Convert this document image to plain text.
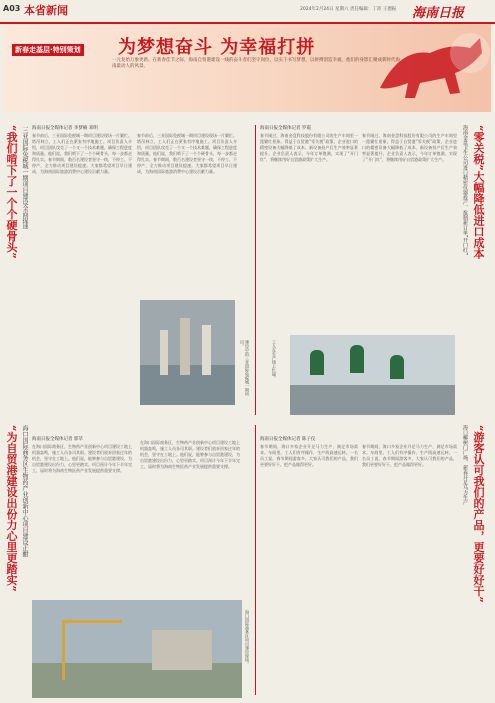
A03 本省新闻	2024年2月24日 星期六 责任编辑：丁沛 王德振 海南日报
新春走基层·特别策划 为梦想奋斗 为幸福打拼
一元复始万象更新。在新春佳节之际，海南自贸港建设一线的奋斗者们坚守岗位，以实干书写梦想，以拼搏创造幸福，他们的身影汇聚成新时代海南最动人的风景。
“我们啃下了一个个硬骨头” 三亚国际免税城一期项目建设全面提速 海南日报全媒体记者 李梦楠 邓明
春节前后，三亚国际免税城一期项目建设现场一片繁忙。塔吊林立，工人们正在紧张有序地施工。项目负责人介绍，项目团队攻克了一个又一个技术难题，确保工程进度和质量。他们说，我们啃下了一个个硬骨头，每一步都走得扎实。春节期间，数百名建设者坚守一线，不停工、不停产，全力推动项目建设提速。大家都希望项目早日建成，为海南国际旅游消费中心建设贡献力量。
春节前后，三亚国际免税城一期项目建设现场一片繁忙。塔吊林立，工人们正在紧张有序地施工。项目负责人介绍，项目团队攻克了一个又一个技术难题，确保工程进度和质量。他们说，我们啃下了一个个硬骨头，每一步都走得扎实。春节期间，数百名建设者坚守一线，不停工、不停产，全力推动项目建设提速。大家都希望项目早日建成，为海南国际旅游消费中心建设贡献力量。
建设中的三亚国际免税城一期项目。
“为自贸港建设出份力心里更踏实” 海口国际商务区生物药产业创新中心项目建设正酣 海南日报全媒体记者 郭萃
在海口国际商务区，生物药产业创新中心项目建设工地上机器轰鸣，施工人员各司其职。建设者们放弃回家过年的机会，坚守在工地上。他们说，能够参与自贸港建设，为自贸港建设出份力，心里更踏实。项目预计今年下半年完工，届时将为海南生物医药产业发展提供重要支撑。
在海口国际商务区，生物药产业创新中心项目建设工地上机器轰鸣，施工人员各司其职。建设者们放弃回家过年的机会，坚守在工地上。他们说，能够参与自贸港建设，为自贸港建设出份力，心里更踏实。项目预计今年下半年完工，届时将为海南生物医药产业发展提供重要支撑。
海口国际商务区项目建设现场。
海南日报全媒体记者 罗霞
春节刚过，海南金盘科技股份有限公司的生产车间里一派繁忙景象。得益于自贸港“零关税”政策，企业进口的精密设备大幅降低了成本，新设备投产后生产效率显著提升。企业负责人表示，今年订单饱满，实现了“开门红”，将继续用好自贸港政策扩大生产。
春节刚过，海南金盘科技股份有限公司的生产车间里一派繁忙景象。得益于自贸港“零关税”政策，企业进口的精密设备大幅降低了成本，新设备投产后生产效率显著提升。企业负责人表示，今年订单饱满，实现了“开门红”，将继续用好自贸港政策扩大生产。	“零关税”大幅降低进口成本
海南金盘卫生公司进口精密仪器投产、抢制新订单“开门红”
工人在生产线上忙碌。
海南日报全媒体记者 陈子仪
春节期间，海口多家企业开足马力生产，满足市场需求。车间里，工人们有序操作，生产线高速运转。一名员工说，春节期间游客多，大家认可我们的产品，我们更要好好干，把产品做得更好。
春节期间，海口多家企业开足马力生产，满足市场需求。车间里，工人们有序操作，生产线高速运转。一名员工说，春节期间游客多，大家认可我们的产品，我们更要好好干，把产品做得更好。	“游客认可我们的产品，更要好好干”
海口椰树门广场、新春开足马力生产
